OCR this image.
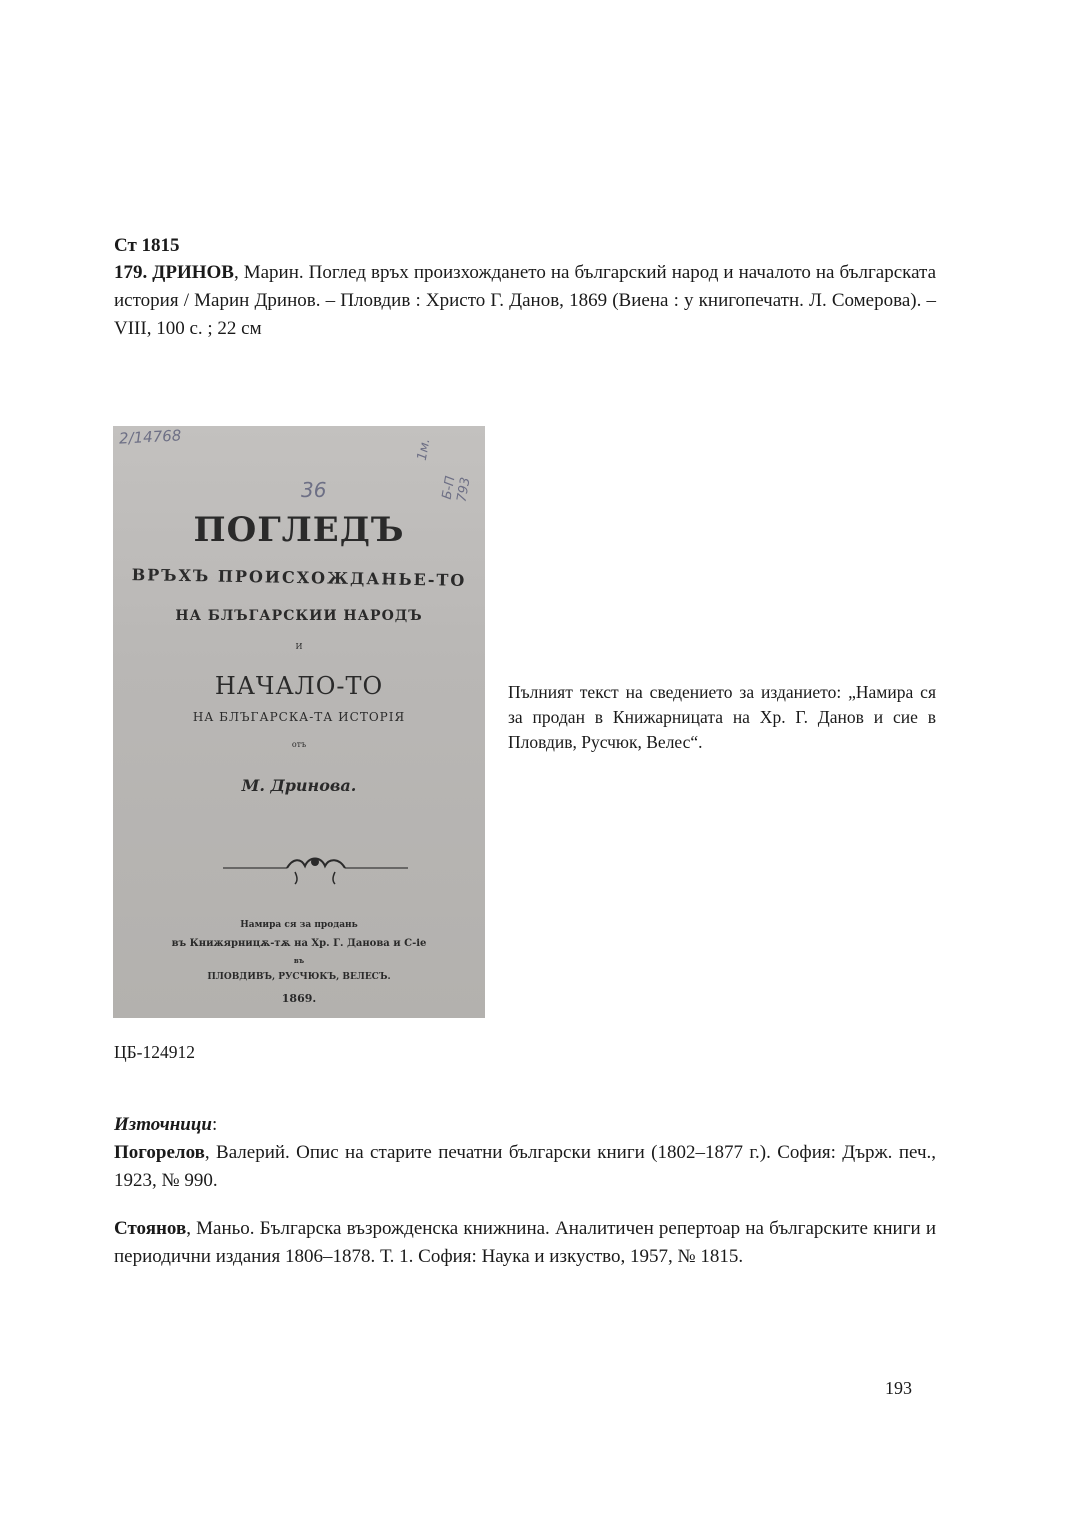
Ст 1815
179. ДРИНОВ, Марин. Поглед връх произхождането на българский народ и началото на българската история / Марин Дринов. – Пловдив : Христо Г. Данов, 1869 (Виена : у книгопечатн. Л. Сомерова). – VIII, 100 с. ; 22 см
2/14768
1м.
Б-П 793
36
ПОГЛЕДЪ
ВРЪХЪ ПРОИСХОЖДАНЬЕ-ТО
НА БЛЪГАРСКИИ НАРОДЪ
И
НАЧАЛО-ТО
НА БЛЪГАРСКА-ТА ИСТОРІЯ
отъ
М. Дринова.
Намира ся за продань
въ Книжярницѫ-тѫ на Хр. Г. Данова и С-іе
въ
ПЛОВДИВЪ, РУСЧЮКЪ, ВЕЛЕСЪ.
1869.
Пълният текст на сведението за изданието: „Намира ся за продан в Книжарницата на Хр. Г. Данов и сие в Пловдив, Русчюк, Велес“.
ЦБ-124912
Източници:
Погорелов, Валерий. Опис на старите печатни български книги (1802–1877 г.). София: Държ. печ., 1923, № 990.
Стоянов, Маньо. Българска възрожденска книжнина. Аналитичен репертоар на българските книги и периодични издания 1806–1878. Т. 1. София: Наука и изкуство, 1957, № 1815.
193
